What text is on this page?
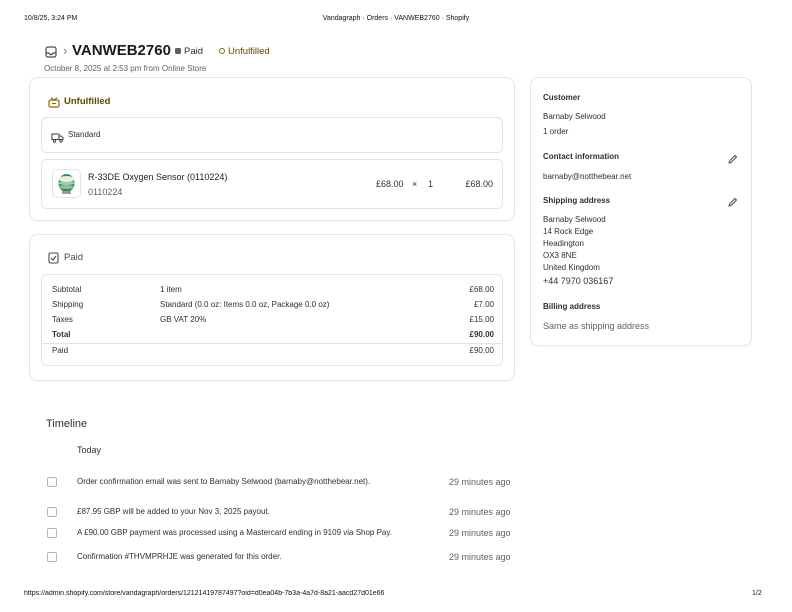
10/8/25, 3:24 PM	Vandagraph · Orders · VANWEB2760 · Shopify
› VANWEB2760	Paid	Unfulfilled
October 8, 2025 at 2:53 pm from Online Store
Unfulfilled
Standard
R-33DE Oxygen Sensor (0110224)
0110224
£68.00 × 1	£68.00
Paid
Subtotal	1 item	£68.00
Shipping	Standard (0.0 oz: Items 0.0 oz, Package 0.0 oz)	£7.00
Taxes	GB VAT 20%	£15.00
Total	£90.00
Paid	£90.00
Customer
Barnaby Selwood
1 order
Contact information
barnaby@notthebear.net
Shipping address
Barnaby Selwood
14 Rock Edge
Headington
OX3 8NE
United Kingdom
+44 7970 036167
Billing address
Same as shipping address
Timeline
Today
Order confirmation email was sent to Barnaby Selwood (barnaby@notthebear.net).	29 minutes ago
£87.95 GBP will be added to your Nov 3, 2025 payout.	29 minutes ago
A £90.00 GBP payment was processed using a Mastercard ending in 9109 via Shop Pay.	29 minutes ago
Confirmation #THVMPRHJE was generated for this order.	29 minutes ago
https://admin.shopify.com/store/vandagraph/orders/12121419787497?oid=d0ea04b-7b3a-4a7d-8a21-aacd27d01e66	1/2
